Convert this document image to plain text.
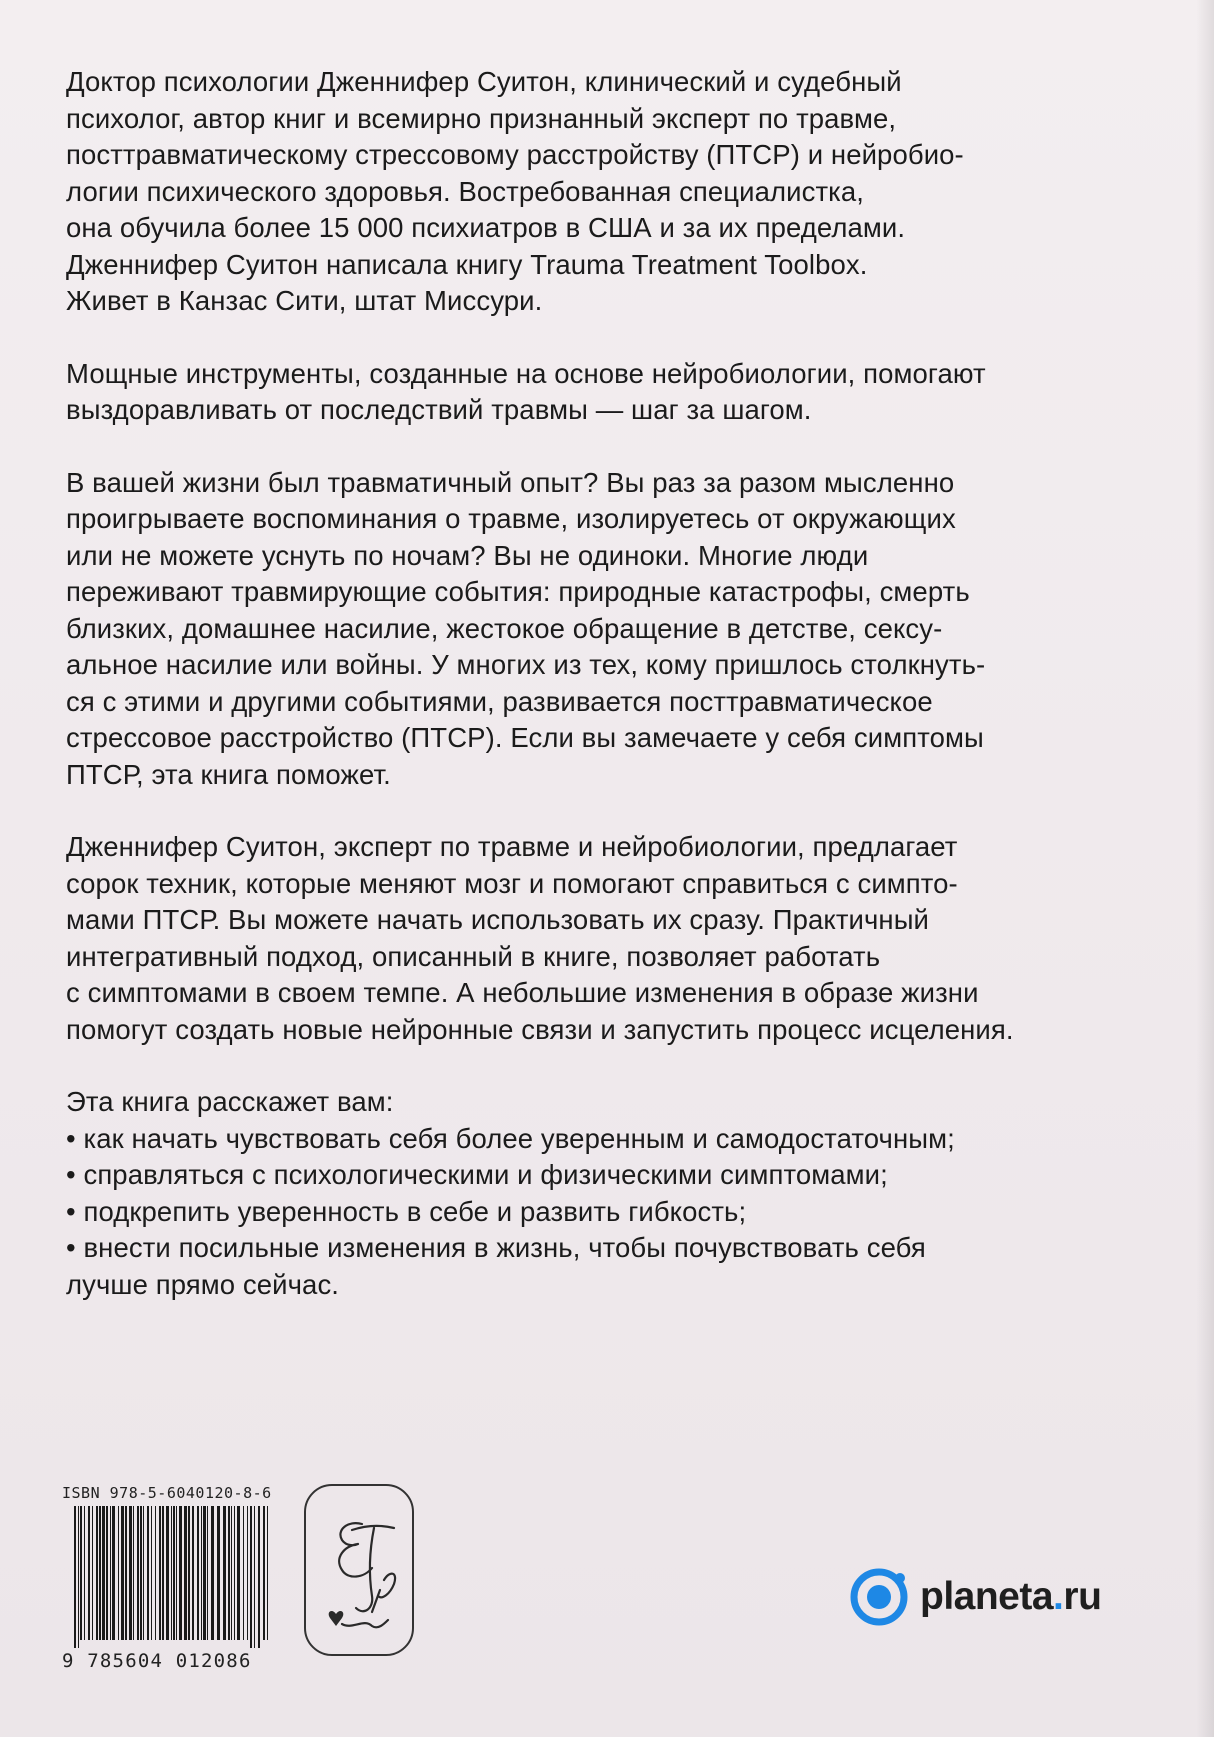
Доктор психологии Дженнифер Суитон, клинический и судебный
психолог, автор книг и всемирно признанный эксперт по травме,
посттравматическому стрессовому расстройству (ПТСР) и нейробио-
логии психического здоровья. Востребованная специалистка,
она обучила более 15 000 психиатров в США и за их пределами.
Дженнифер Суитон написала книгу Trauma Treatment Toolbox.
Живет в Канзас Сити, штат Миссури.
Мощные инструменты, созданные на основе нейробиологии, помогают
выздоравливать от последствий травмы — шаг за шагом.
В вашей жизни был травматичный опыт? Вы раз за разом мысленно
проигрываете воспоминания о травме, изолируетесь от окружающих
или не можете уснуть по ночам? Вы не одиноки. Многие люди
переживают травмирующие события: природные катастрофы, смерть
близких, домашнее насилие, жестокое обращение в детстве, сексу-
альное насилие или войны. У многих из тех, кому пришлось столкнуть-
ся с этими и другими событиями, развивается посттравматическое
стрессовое расстройство (ПТСР). Если вы замечаете у себя симптомы
ПТСР, эта книга поможет.
Дженнифер Суитон, эксперт по травме и нейробиологии, предлагает
сорок техник, которые меняют мозг и помогают справиться с симпто-
мами ПТСР. Вы можете начать использовать их сразу. Практичный
интегративный подход, описанный в книге, позволяет работать
с симптомами в своем темпе. А небольшие изменения в образе жизни
помогут создать новые нейронные связи и запустить процесс исцеления.
Эта книга расскажет вам:
• как начать чувствовать себя более уверенным и самодостаточным;
• справляться с психологическими и физическими симптомами;
• подкрепить уверенность в себе и развить гибкость;
• внести посильные изменения в жизнь, чтобы почувствовать себя
лучше прямо сейчас.
ISBN 978-5-6040120-8-6
9 785604 012086
planeta.ru
